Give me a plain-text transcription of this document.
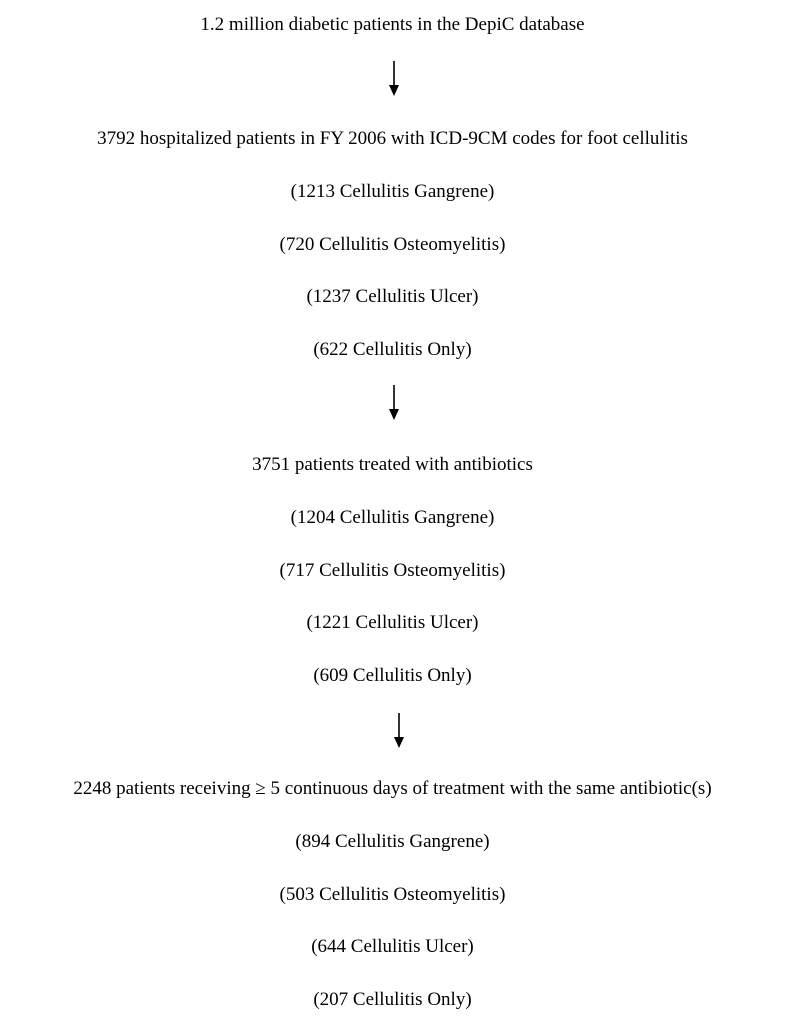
1.2 million diabetic patients in the DepiC database
3792 hospitalized patients in FY 2006 with ICD-9CM codes for foot cellulitis
(1213 Cellulitis Gangrene)
(720 Cellulitis Osteomyelitis)
(1237 Cellulitis Ulcer)
(622 Cellulitis Only)
3751 patients treated with antibiotics
(1204 Cellulitis Gangrene)
(717 Cellulitis Osteomyelitis)
(1221 Cellulitis Ulcer)
(609 Cellulitis Only)
2248 patients receiving ≥ 5 continuous days of treatment with the same antibiotic(s)
(894 Cellulitis Gangrene)
(503 Cellulitis Osteomyelitis)
(644 Cellulitis Ulcer)
(207 Cellulitis Only)
